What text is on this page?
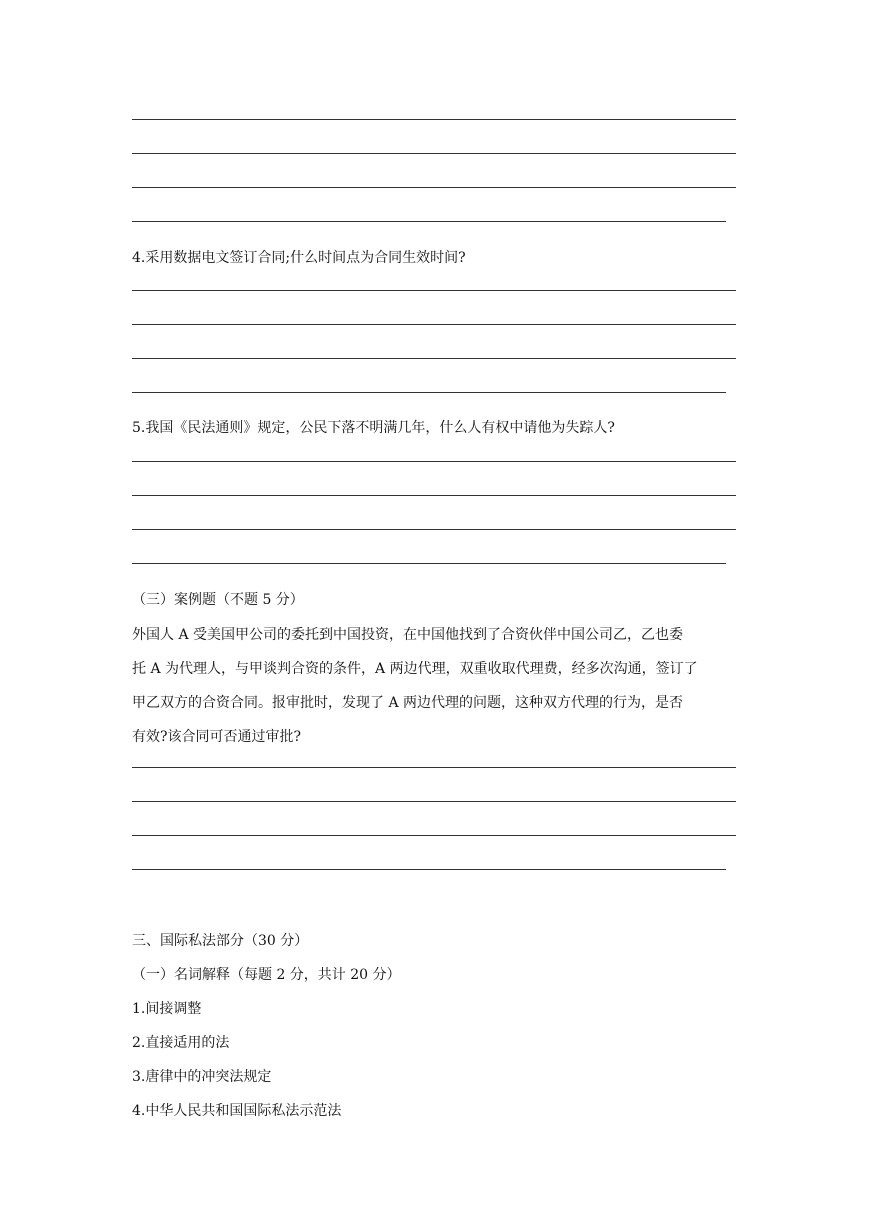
4.采用数据电文签订合同;什么时间点为合同生效时间?
5.我国《民法通则》规定，公民下落不明满几年，什么人有权中请他为失踪人?
（三）案例题（不题 5 分）
外国人 A 受美国甲公司的委托到中国投资，在中国他找到了合资伙伴中国公司乙，乙也委
托 A 为代理人，与甲谈判合资的条件，A 两边代理，双重收取代理费，经多次沟通，签订了
甲乙双方的合资合同。报审批时，发现了 A 两边代理的问题，这种双方代理的行为，是否
有效?该合同可否通过审批?
三、国际私法部分（30 分）
（一）名词解释（每题 2 分，共计 20 分）
1.间接调整
2.直接适用的法
3.唐律中的冲突法规定
4.中华人民共和国国际私法示范法
